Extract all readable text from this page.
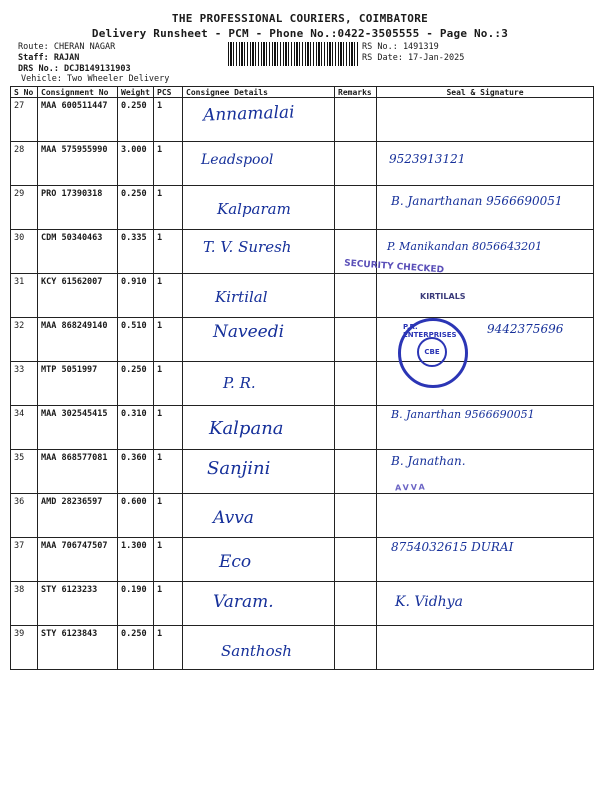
THE PROFESSIONAL COURIERS, COIMBATORE
Delivery Runsheet - PCM - Phone No.:0422-3505555 - Page No.:3
Route: CHERAN NAGAR
Staff: RAJAN
DRS No.: DCJB149131903
Vehicle: Two Wheeler Delivery
RS No.: 1491319
RS Date: 17-Jan-2025
S No	Consignment No	Weight	PCS	Consignee Details	Remarks	Seal & Signature
27	MAA 600511447	0.250	1	Annamalai		

28	MAA 575955990	3.000	1	Leadspool		9523913121

29	PRO 17390318	0.250	1	Kalparam		B. Janarthanan 9566690051

30	CDM 50340463	0.335	1	T. V. Suresh		P. Manikandan 8056643201

31	KCY 61562007	0.910	1	Kirtilal		

32	MAA 868249140	0.510	1	Naveedi		9442375696

33	MTP 5051997	0.250	1	P. R.		

34	MAA 302545415	0.310	1	Kalpana		B. Janarthan 9566690051

35	MAA 868577081	0.360	1	Sanjini		B. Janathan.

36	AMD 28236597	0.600	1	Avva		

37	MAA 706747507	1.300	1	Eco		8754032615 DURAI

38	STY 6123233	0.190	1	Varam.		K. Vidhya

39	STY 6123843	0.250	1	Santhosh		

SECURITY CHECKED
KIRTILALS
AVVA
P.R. ENTERPRISES
CBE
